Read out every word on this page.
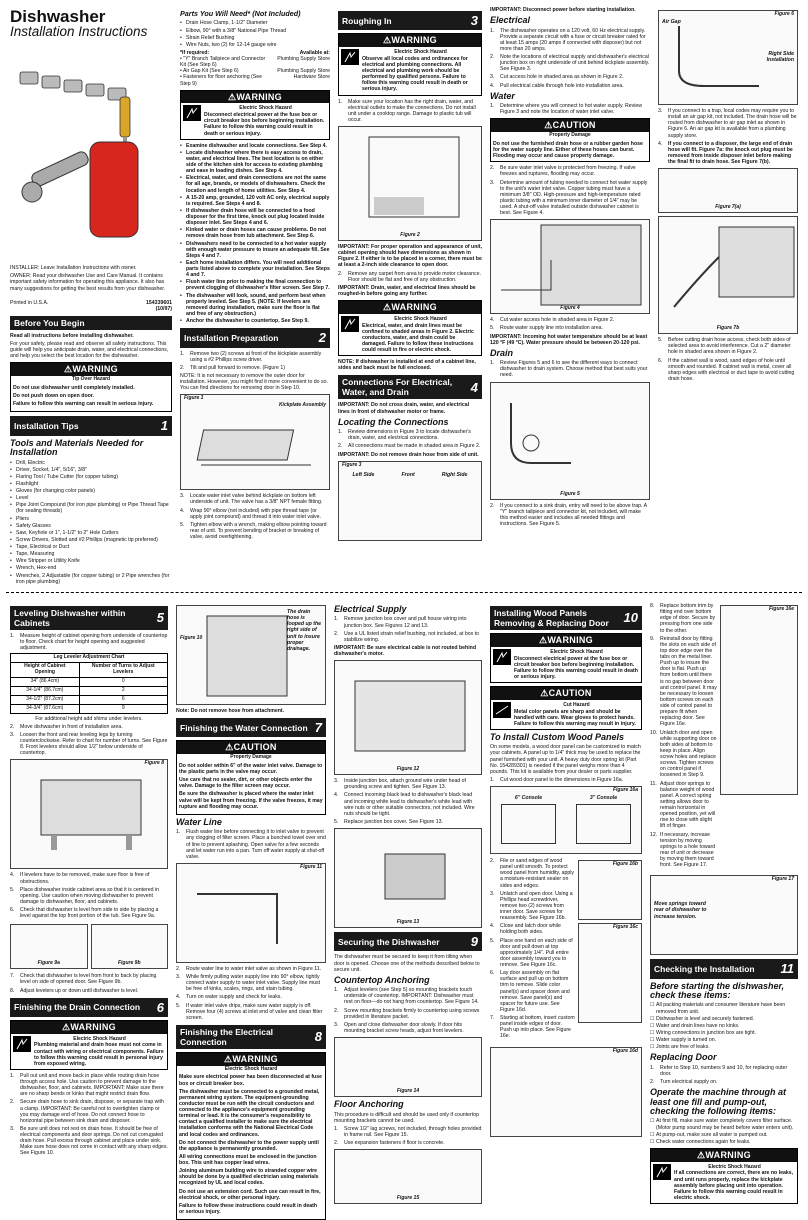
Dishwasher
Installation Instructions

INSTALLER: Leave Installation Instructions with owner.

OWNER: Read your dishwasher Use and Care Manual. It contains important safety information for operating this appliance. It also has many suggestions for getting the best results from your dishwasher.

Printed in U.S.A.	154339601 (10/97)
Before You Begin

Read all instructions before installing dishwasher.

For your safety, please read and observe all safety instructions. This guide will help you anticipate drain, water, and electrical connections, and help you select the best location for the dishwasher.

⚠WARNING
Tip Over Hazard

Do not use dishwasher until completely installed.

Do not push down on open door.

Failure to follow this warning can result in serious injury.

Installation Tips	1
Tools and Materials Needed for Installation
• Drill, Electric
• Driver, Socket, 1/4", 5/16", 3/8"
• Flaring Tool / Tube Cutter (for copper tubing)
• Flashlight
• Gloves (for changing color panels)
• Level
• Pipe Joint Compound (for iron pipe plumbing) or Pipe Thread Tape (for sealing threads)
• Pliers
• Safety Glasses
• Saw, Keyhole or 1", 1-1/2" to 2" Hole Cutters
• Screw Drivers, Slotted and #2 Phillips (magnetic tip preferred)
• Tape, Electrical or Duct
• Tape, Measuring
• Wire Stripper or Utility Knife
• Wrench, Hex-end
• Wrenches, 2 Adjustable (for copper tubing) or 2 Pipe wrenches (for iron pipe plumbing)
Parts You Will Need* (Not Included)
• Drain Hose Clamp, 1-1/2" Diameter
• Elbow, 90° with a 3/8" National Pipe Thread
• Strain Relief Bushing
• Wire Nuts, two (2) for 12-14 gauge wire
*If required:	Available at:
• "Y" Branch Tailpiece and Connector Kit (See Step 6)
Plumbing Supply Store
• Air Gap Kit (See Step 6)	Plumbing Supply Store
• Fasteners for floor anchoring (See Step 9)
Hardware Store
⚠WARNING
Electric Shock Hazard
Disconnect electrical power at the fuse box or circuit breaker box before beginning installation. Failure to follow this warning could result in death or serious injury.
• Examine dishwasher and locate connections. See Step 4.
• Locate dishwasher where there is easy access to drain, water, and electrical lines. The best location is on either side of the kitchen sink for access to existing plumbing and ease in loading dishes. See Step 4.
• Electrical, water, and drain connections are not the same for all age, brands, or models of dishwashers. Check the location and length of home utilities. See Step 4.
• A 15-20 amp, grounded, 120 volt AC only, electrical supply is required. See Steps 4 and 8.
• If dishwasher drain hose will be connected to a food disposer for the first time, knock out plug located inside disposer inlet. See Steps 4 and 6.
• Kinked water or drain hoses can cause problems. Do not remove drain hose from tub attachment. See Step 6.
• Dishwashers need to be connected to a hot water supply with enough water pressure to insure an adequate fill. See Steps 4 and 7.
• Each home installation differs. You will need additional parts listed above to complete your installation. See Steps 4 and 7.
• Flush water line prior to making the final connection to prevent clogging of dishwasher's filter screen. See Step 7.
• The dishwasher will look, sound, and perform best when properly leveled. See Step 5. (NOTE: If levelers are removed during installation, make sure the floor is flat and free of any obstruction.)
• Anchor the dishwasher to countertop. See Step 9.
Installation Preparation	2
1.	Remove two (2) screws at front of the kickplate assembly using a #2 Phillips screw driver.
2.	Tilt and pull forward to remove. (Figure 1)

NOTE: It is not necessary to remove the outer door for installation. However, you might find it more convenient to do so. You can find directions for removing door in Step 10.

Figure 1
Kickplate Assembly
3.	Locate water inlet valve behind kickplate on bottom left underside of unit. The valve has a 3/8" NPT female fitting.
4.	Wrap 90° elbow (not included) with pipe thread tape (or apply joint compound) and thread it into water inlet valve.
5.	Tighten elbow with a wrench, making elbow pointing toward rear of unit. To prevent bending of bracket or breaking of valve, avoid overtightening.
Roughing In	3
⚠WARNING
Electric Shock Hazard
Observe all local codes and ordinances for electrical and plumbing connections. All electrical and plumbing work should be performed by qualified persons. Failure to follow this warning could result in death or serious injury.
1.	Make sure your location has the right drain, water, and electrical outlets to make the connections. Do not install unit under a cooktop range. Damage to plastic tub will occur.
Figure 2

IMPORTANT: For proper operation and appearance of unit, cabinet opening should have dimensions as shown in Figure 2. If either is to be placed in a corner, there must be at least a 2-inch side clearance to open door.

2.	Remove any carpet from area to provide motor clearance. Floor should be flat and free of any obstruction.

IMPORTANT: Drain, water, and electrical lines should be roughed-in before going any further.

⚠WARNING
Electric Shock Hazard
Electrical, water, and drain lines must be confined to shaded areas in Figure 2. Electric conductors, water, and drain could be damaged. Failure to follow these instructions could result in fire or electric shock.

NOTE: If dishwasher is installed at end of a cabinet line, sides and back must be full enclosed.

Connections For Electrical, Water, and Drain	4

IMPORTANT: Do not cross drain, water, and electrical lines in front of dishwasher motor or frame.

Locating the Connections
1.	Review dimensions in Figure 3 to locate dishwasher's drain, water, and electrical connections.
2.	All connections must be made in shaded area in Figure 2.

IMPORTANT: Do not remove drain hose from side of unit.

Figure 3
Left Side	Front	Right Side

IMPORTANT: Disconnect power before starting installation.

Electrical
1.	The dishwasher operates on a 120 volt, 60 Hz electrical supply. Provide a separate circuit with a fuse or circuit breaker rated for at least 15 amps (20 amps if connected with disposer) but not more than 20 amps.
2.	Note the locations of electrical supply and dishwasher's electrical junction box on right underside of unit behind kickplate assembly. See Figure 3.
3.	Cut access hole in shaded area as shown in Figure 2.
4.	Pull electrical cable through hole into installation area.
Water
1.	Determine where you will connect to hot water supply. Review Figure 3 and note the location of water inlet valve.
⚠CAUTION
Property Damage
Do not use the furnished drain hose or a rubber garden hose for the water supply line. Either of these hoses can burst. Flooding may occur and cause property damage.
2.	Be sure water inlet valve is protected from freezing. If valve freezes and ruptures, flooding may occur.
3.	Determine amount of tubing needed to connect hot water supply to the unit's water inlet valve. Copper tubing must have a minimum 3/8" OD. High-pressure and high-temperature rated plastic tubing with a minimum inner diameter of 1/4" may be used. A shut-off valve installed outside dishwasher cabinet is best. See Figure 4.
Figure 4
4.	Cut water access hole in shaded area in Figure 2.
5.	Route water supply line into installation area.

IMPORTANT: Incoming hot water temperature should be at least 120 °F (49 °C). Water pressure should be between 20-120 psi.

Drain
1.	Review Figures 5 and 6 to see the different ways to connect dishwasher to drain system. Choose method that best suits your need.
Figure 5
2.	If you connect to a sink drain, entry will need to be above trap. A "Y" branch tailpiece and connector kit, not included, will make this method easier and includes all needed fittings and instructions. See Figure 5.
Figure 6
Air Gap
Right Side Installation
3.	If you connect to a trap, local codes may require you to install an air gap kit, not included. The drain hose will be routed from dishwasher to air gap inlet as shown in Figure 6. An air gap kit is available from a plumbing supply store.
4.	If you connect to a disposer, the large end of drain hose will fit. Figure 7a: the knock out plug must be removed from inside disposer inlet before making the final fit to drain hose. See Figure 7(b).
Figure 7(a)
Figure 7b
5.	Before cutting drain hose access, check both sides of selected area to avoid interference. Cut a 2" diameter hole in shaded area shown in Figure 2.
6.	If the cabinet wall is wood, sand edges of hole until smooth and rounded. If cabinet wall is metal, cover all sharp edges with electrical or duct tape to avoid cutting drain hose.
Leveling Dishwasher within Cabinets	5
1.	Measure height of cabinet opening from underside of countertop to floor. Check chart for height opening and suggested adjustment.
Leg Leveler Adjustment Chart	
Height of Cabinet Opening	Number of Turns to Adjust Levelers
34" (86.4cm)	0
34-1/4" (86.7cm)	2
34-1/2" (87.2cm)	6
34-3/4" (87.6cm)	9

For additional height add shims under levelers.

2.	Move dishwasher in front of installation area.
3.	Loosen the front and rear leveling legs by turning counterclockwise. Refer to chart for number of turns. See Figure 8. Front levelers should allow 1/2" below underside of countertop.
Figure 8
4.	If levelers have to be removed, make sure floor is free of obstructions.
5.	Place dishwasher inside cabinet area so that it is centered in opening. Use caution when moving dishwasher to prevent damage to dishwasher, floor, and cabinets.
6.	Check that dishwasher is level from side to side by placing a level against the top front portion of the tub. See Figure 9a.
Figure 9a	Figure 9b
7.	Check that dishwasher is level from front to back by placing level on side of opened door. See Figure 9b.
8.	Adjust levelers up or down until dishwasher is level.
Finishing the Drain Connection 6
⚠WARNING
Electric Shock Hazard
Plumbing material and drain hose must not come in contact with wiring or electrical components. Failure to follow this warning could result in personal injury from exposed wiring.
1.	Pull out unit and move back in place while routing drain hose through access hole. Use caution to prevent damage to the dishwasher, floor, and cabinets. IMPORTANT: Make sure there are no sharp bends or kinks that might restrict drain flow.
2.	Secure drain hose to sink drain, disposer, or separate trap with a clamp. IMPORTANT: Be careful not to overtighten clamp or you may damage end of hose. Do not connect hose to horizontal pipe between sink drain and disposer.
3.	Be sure unit does not rest on drain hose. It should be free of electrical components and door springs. Do not cut corrugated drain hose. Pull excess through cabinet and place under sink. Make sure hose does not come in contact with any sharp edges. See Figure 10.
Figure 10
The drain hose is looped up the right side of unit to insure proper drainage.

Note: Do not remove hose from attachment.

Finishing the Water Connection 7
⚠CAUTION
Property Damage

Do not solder within 6" of the water inlet valve. Damage to the plastic parts in the valve may occur.

Use care that no sealer, dirt, or other objects enter the valve. Damage to the filter screen may occur.

Be sure the dishwasher is placed where the water inlet valve will be kept from freezing. If the valve freezes, it may rupture and flooding may occur.

Water Line
1.	Flush water line before connecting it to inlet valve to prevent any clogging of filter screen. Place a bunched towel over end of line to prevent splashing. Open valve for a few seconds and let water run into a pan. Turn off water supply at shut-off valve.
Figure 11
2.	Route water line to water inlet valve as shown in Figure 11.
3.	While firmly pulling water supply line into 90° elbow, tightly connect water supply to water inlet valve. Supply line must be free of kinks, scales, rings, and stain tubing.
4.	Turn on water supply and check for leaks.
5.	If water inlet valve drips, make sure water supply is off. Remove four (4) screws at inlet end of valve and clean filter screen.
Finishing the Electrical Connection	8
⚠WARNING
Electric Shock Hazard

Make sure electrical power has been disconnected at fuse box or circuit breaker box.

The dishwasher must be connected to a grounded metal, permanent wiring system. The equipment-grounding conductor must be run with the circuit conductors and connected to the appliance's equipment grounding terminal or lead. It is the consumer's responsibility to contact a qualified installer to make sure the electrical installation conforms with the National Electrical Code and local codes and ordinances.

Do not connect the dishwasher to the power supply until the appliance is permanently grounded.

All wiring connections must be enclosed in the junction box. This unit has copper lead wires.

Joining aluminum building wire to stranded copper wire should be done by a qualified electrician using materials recognized by UL and local codes.

Do not use an extension cord. Such use can result in fire, electrical shock, or other personal injury.

Failure to follow these instructions could result in death or serious injury.

Electrical Supply
1.	Remove junction box cover and pull house wiring into junction box. See Figures 12 and 13.
2.	Use a UL listed strain relief bushing, not included, at box to stabilize wiring.

IMPORTANT: Be sure electrical cable is not routed behind dishwasher's motor.

Figure 12
3.	Inside junction box, attach ground wire under head of grounding screw and tighten. See Figure 13.
4.	Connect incoming black lead to dishwasher's black lead and incoming white lead to dishwasher's white lead with wire nuts or other suitable connectors, not included. Wire nuts should be tight.
5.	Replace junction box cover. See Figure 13.
Figure 13
Securing the Dishwasher 9

The dishwasher must be secured to keep it from tilting when door is opened. Choose one of the methods described below to secure unit.

Countertop Anchoring
1.	Adjust levelers (see Step 5) so mounting brackets touch underside of countertop. IMPORTANT: Dishwasher must rest on floor—do not hang from countertop. See Figure 14.
2.	Screw mounting brackets firmly to countertop using screws provided in literature packet.
3.	Open and close dishwasher door slowly. If door hits mounting bracket screw heads, adjust front levelers.
Figure 14
Floor Anchoring

This procedure is difficult and should be used only if countertop mounting brackets cannot be used.

1.	Screw 1/2" lag screws, not included, through holes provided in frame rail. See Figure 15.
2.	Use expansion fasteners if floor is concrete.
Figure 15
Installing Wood Panels Removing & Replacing Door	10
⚠WARNING
Electric Shock Hazard
Disconnect electrical power at the fuse box or circuit breaker box before beginning installation. Failure to follow this warning could result in death or serious injury.
⚠CAUTION
Cut Hazard
Metal color panels are sharp and should be handled with care. Wear gloves to protect hands. Failure to follow this warning may result in injury.
To Install Custom Wood Panels

On some models, a wood door panel can be customized to match your cabinets. A panel up to 1/4" thick may be used to replace the panel furnished with your unit. A heavy duty door spring kit (Part No. 154289301) is needed if the panel weighs more than 4 pounds. This kit is available from your dealer or parts supplier.

1.	Cut wood door panel to the dimensions in Figure 16a.
Figure 16a
6" Console	3" Console
2.	File or sand edges of wood panel until smooth. To protect wood panel from humidity, apply a moisture-resistant sealer on sides and edges.
3.	Unlatch and open door. Using a Phillips head screwdriver, remove two (2) screws from inner door. Save screws for reassembly. See Figure 16b.
4.	Close and latch door while holding both sides.
5.	Place one hand on each side of door and pull down at top approximately 1/4". Pull entire door assembly toward you to remove. See Figure 16c.
6.	Lay door assembly on flat surface and pull up on bottom trim to remove. Slide color panel(s) and spacer down and remove. Save panel(s) and spacer for future use. See Figure 16d.
7.	Starting at bottom, insert custom panel inside edges of door. Push up into place. See Figure 16e.
Figure 16b
Figure 16c
Figure 16d
8.	Replace bottom trim by fitting end over bottom edge of door. Secure by pressing from one side to the other.
9.	Reinstall door by fitting the slots on each side of top door edge over the tabs on the metal liner. Push up to insure the door is flat. Push up from bottom until there is no gap between door and control panel. It may be necessary to loosen bottom screws on each side of control panel to prepare fit when replacing door. See Figure 16e.
10. Unlatch door and open while supporting door on both sides at bottom to keep in place. Align screw holes and replace screws. Tighten screws on control panel if loosened in Step 9.
11. Adjust door springs to balance weight of wood panel. A correct spring setting allows door to remain horizontal in opened position, yet will rise to close with slight lift of finger.
12. If necessary, increase tension by moving springs to a hole toward rear of unit or decrease by moving them toward front. See Figure 17.
Figure 16e
Figure 17
Move springs toward rear of dishwasher to increase tension.
Checking the Installation 11
Before starting the dishwasher, check these items:
☐ All packing materials and consumer literature have been removed from unit.
☐ Dishwasher is level and securely fastened.
☐ Water and drain lines have no kinks.
☐ Wiring connections in junction box are tight.
☐ Water supply is turned on.
☐ Joints are free of leaks.
Replacing Door
1.	Refer to Step 10, numbers 9 and 10, for replacing outer door.
2.	Turn electrical supply on.
Operate the machine through at least one fill and pump-out, checking the following items:
☐ At first fill, make sure water completely covers filter surface. (Motor pump sound may be heard before water enters unit).
☐ At pump-out, make sure all water is pumped out.
☐ Check water connections again for leaks.
⚠WARNING
Electric Shock Hazard
If all connections are correct, there are no leaks, and unit runs properly, replace the kickplate assembly before placing unit into operation. Failure to follow this warning could result in electric shock.
